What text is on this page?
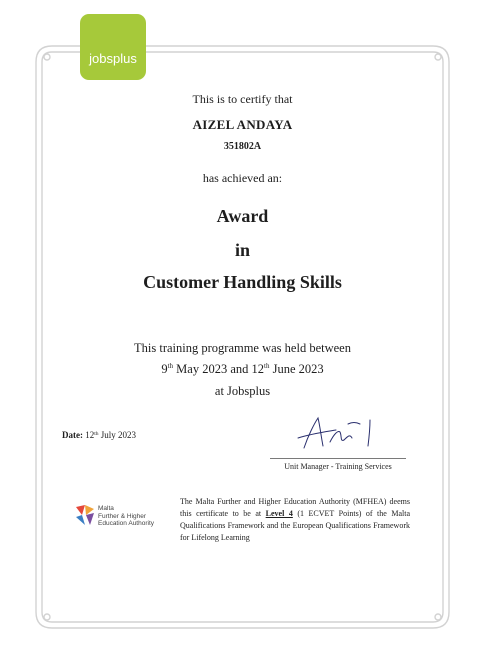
jobsplus
This is to certify that
AIZEL ANDAYA
351802A
has achieved an:
Award
in
Customer Handling Skills
This training programme was held between
9th May 2023 and 12th June 2023
at Jobsplus
Date: 12th July 2023
Unit Manager - Training Services
Malta
Further & Higher
Education Authority
The Malta Further and Higher Education Authority (MFHEA) deems this certificate to be at Level 4 (1 ECVET Points) of the Malta Qualifications Framework and the European Qualifications Framework for Lifelong Learning
